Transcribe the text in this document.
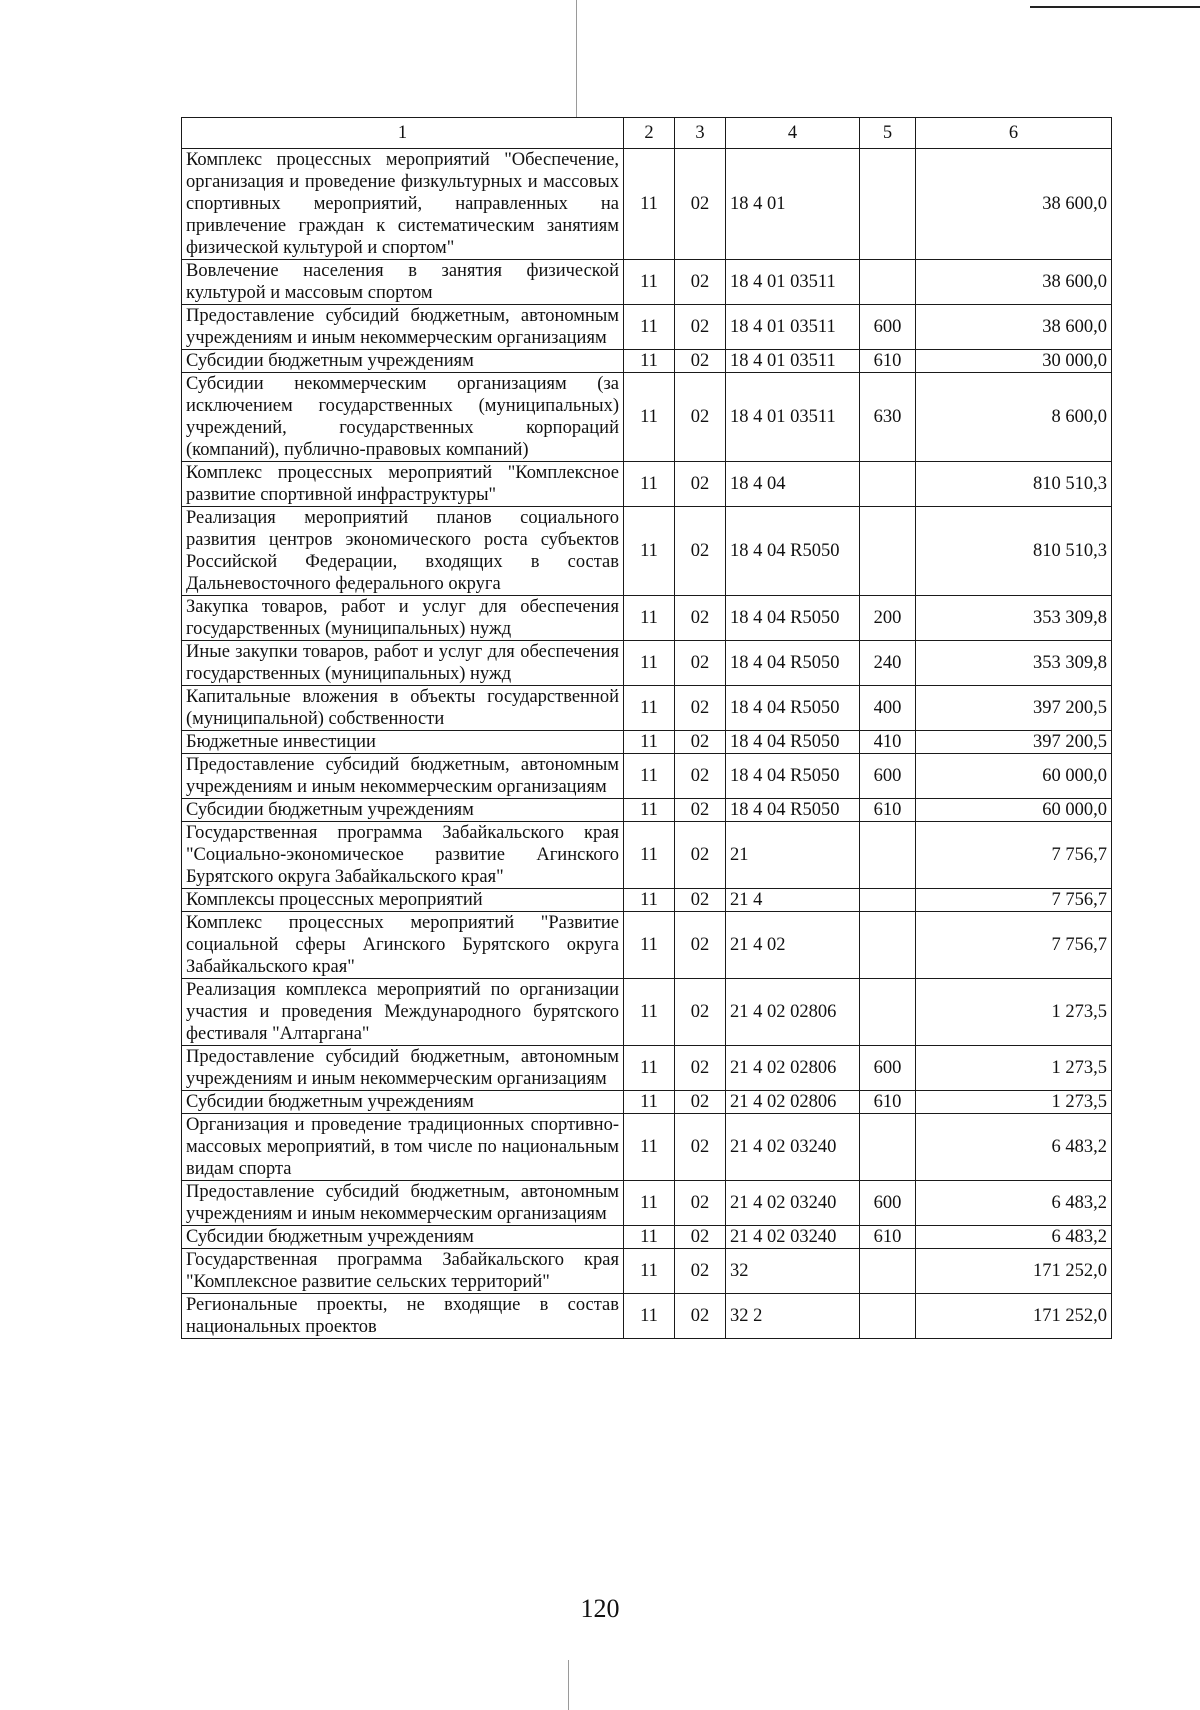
1	2	3	4	5	6
Комплекс процессных мероприятий "Обеспечение, организация и проведение физкультурных и массовых спортивных мероприятий, направленных на привлечение граждан к систематическим занятиям физической культурой и спортом"	11	02	18 4 01		38 600,0
Вовлечение населения в занятия физической культурой и массовым спортом	11	02	18 4 01 03511		38 600,0
Предоставление субсидий бюджетным, автономным учреждениям и иным некоммерческим организациям	11	02	18 4 01 03511	600	38 600,0
Субсидии бюджетным учреждениям	11	02	18 4 01 03511	610	30 000,0
Субсидии некоммерческим организациям (за исключением государственных (муниципальных) учреждений, государственных корпораций (компаний), публично-правовых компаний)	11	02	18 4 01 03511	630	8 600,0
Комплекс процессных мероприятий "Комплексное развитие спортивной инфраструктуры"	11	02	18 4 04		810 510,3
Реализация мероприятий планов социального развития центров экономического роста субъектов Российской Федерации, входящих в состав Дальневосточного федерального округа	11	02	18 4 04 R5050		810 510,3
Закупка товаров, работ и услуг для обеспечения государственных (муниципальных) нужд	11	02	18 4 04 R5050	200	353 309,8
Иные закупки товаров, работ и услуг для обеспечения государственных (муниципальных) нужд	11	02	18 4 04 R5050	240	353 309,8
Капитальные вложения в объекты государственной (муниципальной) собственности	11	02	18 4 04 R5050	400	397 200,5
Бюджетные инвестиции	11	02	18 4 04 R5050	410	397 200,5
Предоставление субсидий бюджетным, автономным учреждениям и иным некоммерческим организациям	11	02	18 4 04 R5050	600	60 000,0
Субсидии бюджетным учреждениям	11	02	18 4 04 R5050	610	60 000,0
Государственная программа Забайкальского края "Социально-экономическое развитие Агинского Бурятского округа Забайкальского края"	11	02	21		7 756,7
Комплексы процессных мероприятий	11	02	21 4		7 756,7
Комплекс процессных мероприятий "Развитие социальной сферы Агинского Бурятского округа Забайкальского края"	11	02	21 4 02		7 756,7
Реализация комплекса мероприятий по организации участия и проведения Международного бурятского фестиваля "Алтаргана"	11	02	21 4 02 02806		1 273,5
Предоставление субсидий бюджетным, автономным учреждениям и иным некоммерческим организациям	11	02	21 4 02 02806	600	1 273,5
Субсидии бюджетным учреждениям	11	02	21 4 02 02806	610	1 273,5
Организация и проведение традиционных спортивно-массовых мероприятий, в том числе по национальным видам спорта	11	02	21 4 02 03240		6 483,2
Предоставление субсидий бюджетным, автономным учреждениям и иным некоммерческим организациям	11	02	21 4 02 03240	600	6 483,2
Субсидии бюджетным учреждениям	11	02	21 4 02 03240	610	6 483,2
Государственная программа Забайкальского края "Комплексное развитие сельских территорий"	11	02	32		171 252,0
Региональные проекты, не входящие в состав национальных проектов	11	02	32 2		171 252,0
120
